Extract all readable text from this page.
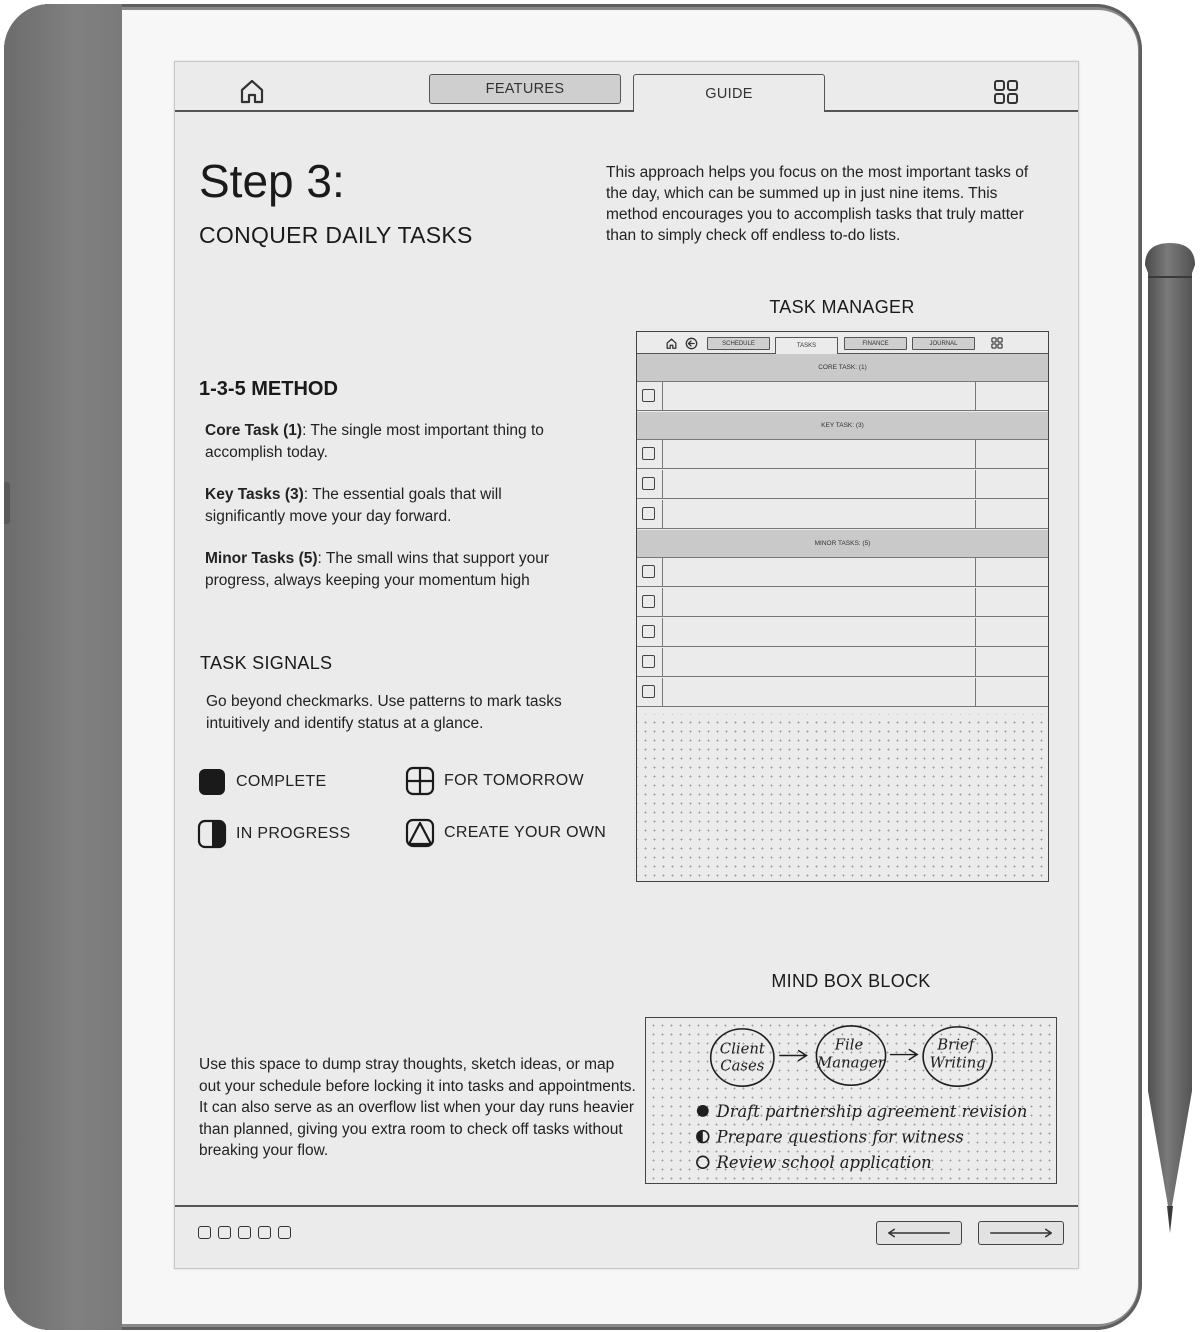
FEATURES	GUIDE
Step 3:
CONQUER DAILY TASKS
This approach helps you focus on the most important tasks of the day, which can be summed up in just nine items. This method encourages you to accomplish tasks that truly matter than to simply check off endless to-do lists.
1-3-5 METHOD
Core Task (1): The single most important thing to accomplish today.
Key Tasks (3): The essential goals that will significantly move your day forward.
Minor Tasks (5): The small wins that support your progress, always keeping your momentum high
TASK SIGNALS
Go beyond checkmarks. Use patterns to mark tasks intuitively and identify status at a glance.
COMPLETE	FOR TOMORROW
IN PROGRESS	CREATE YOUR OWN
TASK MANAGER
SCHEDULE	TASKS	FINANCE	JOURNAL
CORE TASK: (1)
KEY TASK: (3)
MINOR TASKS: (5)
MIND BOX BLOCK
Client
Cases
File
Manager
Brief
Writing
Draft partnership agreement revision
Prepare questions for witness
Review school application
Use this space to dump stray thoughts, sketch ideas, or map out your schedule before locking it into tasks and appointments.
It can also serve as an overflow list when your day runs heavier than planned, giving you extra room to check off tasks without breaking your flow.
